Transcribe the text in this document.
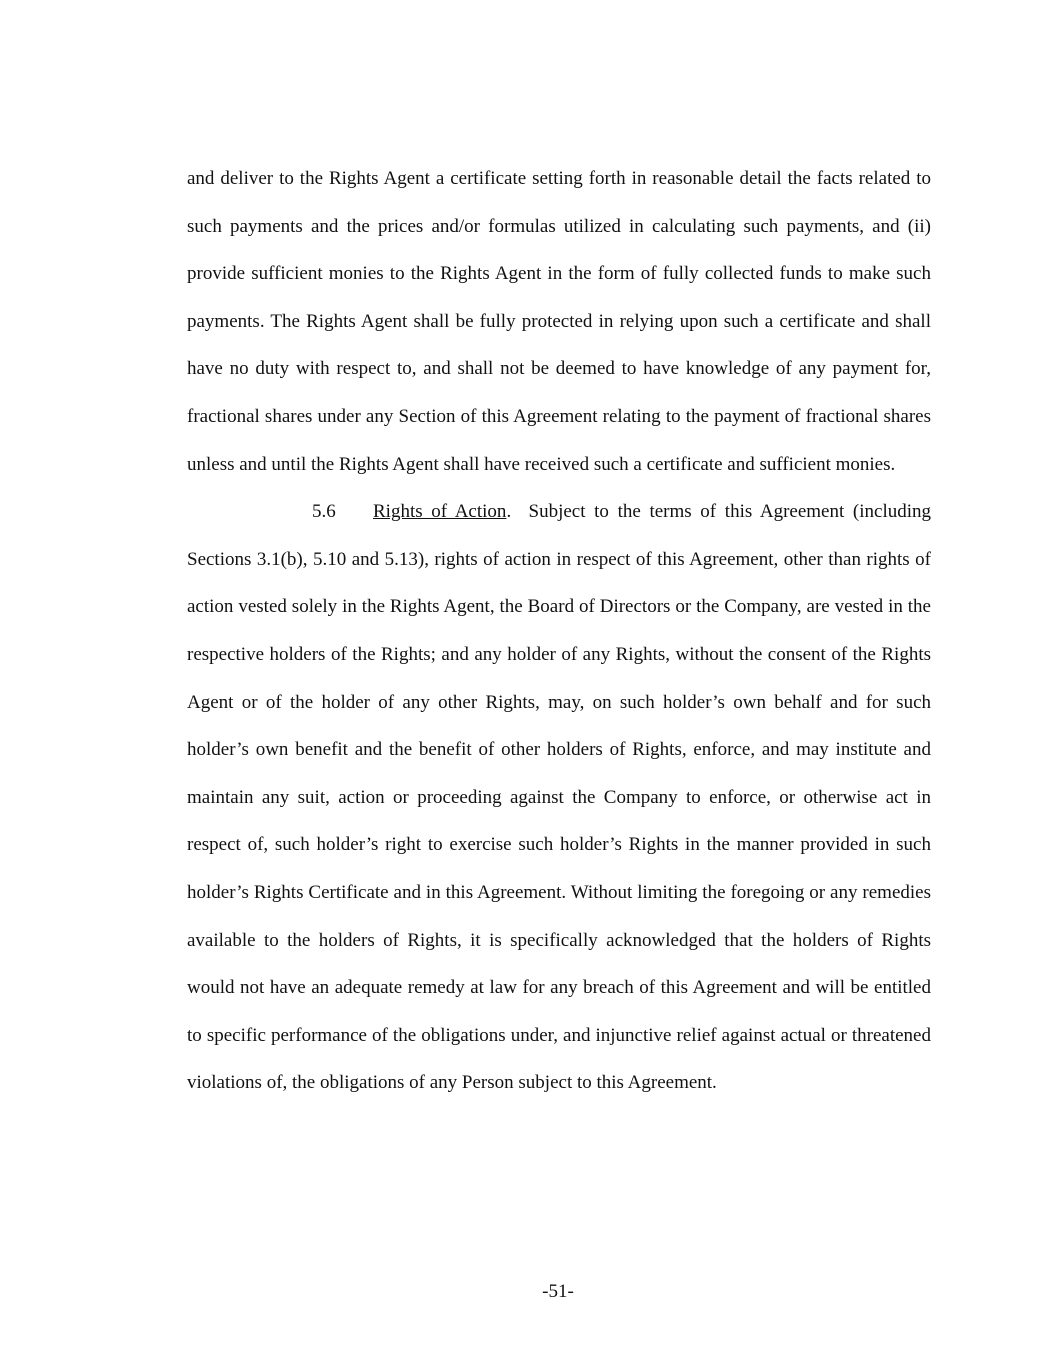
and deliver to the Rights Agent a certificate setting forth in reasonable detail the facts related to such payments and the prices and/or formulas utilized in calculating such payments, and (ii) provide sufficient monies to the Rights Agent in the form of fully collected funds to make such payments. The Rights Agent shall be fully protected in relying upon such a certificate and shall have no duty with respect to, and shall not be deemed to have knowledge of any payment for, fractional shares under any Section of this Agreement relating to the payment of fractional shares unless and until the Rights Agent shall have received such a certificate and sufficient monies.

5.6 Rights of Action. Subject to the terms of this Agreement (including Sections 3.1(b), 5.10 and 5.13), rights of action in respect of this Agreement, other than rights of action vested solely in the Rights Agent, the Board of Directors or the Company, are vested in the respective holders of the Rights; and any holder of any Rights, without the consent of the Rights Agent or of the holder of any other Rights, may, on such holder’s own behalf and for such holder’s own benefit and the benefit of other holders of Rights, enforce, and may institute and maintain any suit, action or proceeding against the Company to enforce, or otherwise act in respect of, such holder’s right to exercise such holder’s Rights in the manner provided in such holder’s Rights Certificate and in this Agreement. Without limiting the foregoing or any remedies available to the holders of Rights, it is specifically acknowledged that the holders of Rights would not have an adequate remedy at law for any breach of this Agreement and will be entitled to specific performance of the obligations under, and injunctive relief against actual or threatened violations of, the obligations of any Person subject to this Agreement.

-51-
